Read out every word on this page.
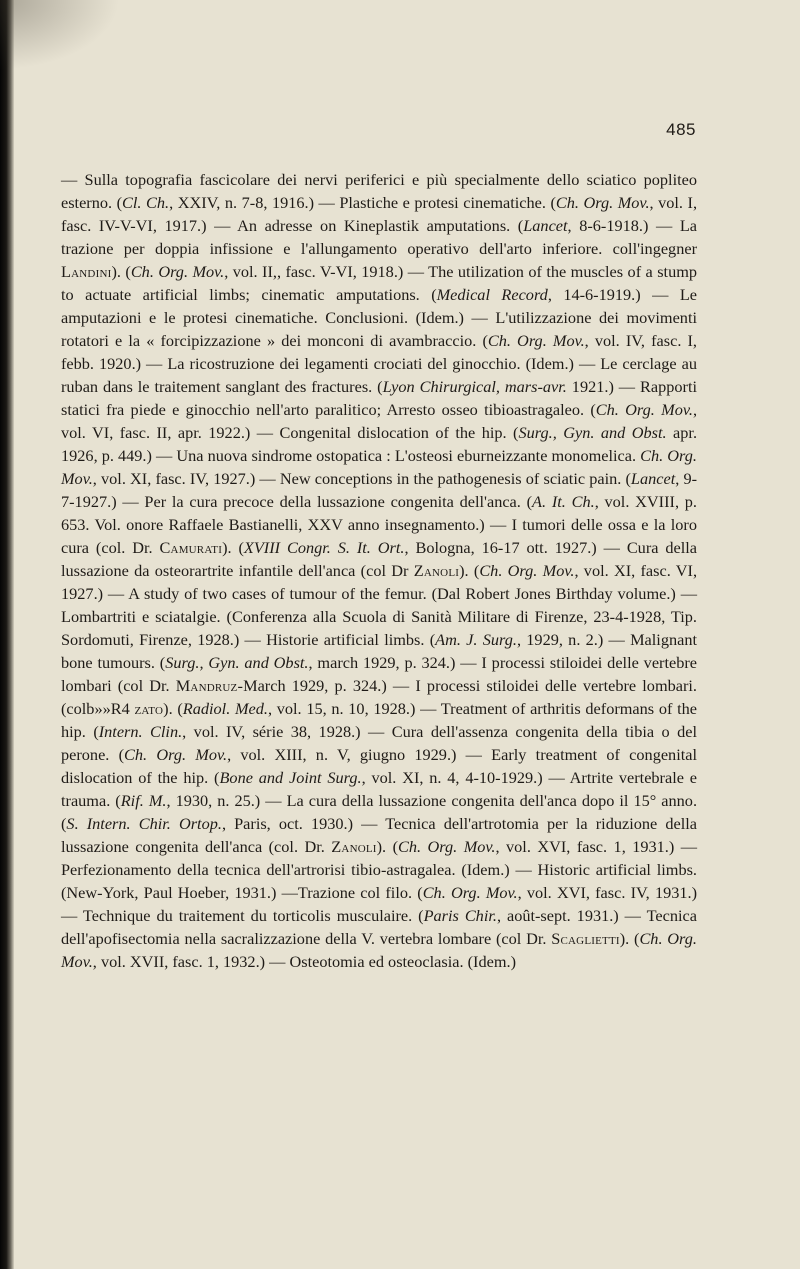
485

— Sulla topografia fascicolare dei nervi periferici e più specialmente dello sciatico popliteo esterno. (Cl. Ch., XXIV, n. 7-8, 1916.) — Plastiche e protesi cinematiche. (Ch. Org. Mov., vol. I, fasc. IV-V-VI, 1917.) — An adresse on Kineplastik amputations. (Lancet, 8-6-1918.) — La trazione per doppia infissione e l'allungamento operativo dell'arto inferiore. coll'ingegner Landini). (Ch. Org. Mov., vol. II,, fasc. V-VI, 1918.) — The utilization of the muscles of a stump to actuate artificial limbs; cinematic amputations. (Medical Record, 14-6-1919.) — Le amputazioni e le protesi cinematiche. Conclusioni. (Idem.) — L'utilizzazione dei movimenti rotatori e la « forcipizzazione » dei monconi di avambraccio. (Ch. Org. Mov., vol. IV, fasc. I, febb. 1920.) — La ricostruzione dei legamenti crociati del ginocchio. (Idem.) — Le cerclage au ruban dans le traitement sanglant des fractures. (Lyon Chirurgical, mars-avr. 1921.) — Rapporti statici fra piede e ginocchio nell'arto paralitico; Arresto osseo tibioastragaleo. (Ch. Org. Mov., vol. VI, fasc. II, apr. 1922.) — Congenital dislocation of the hip. (Surg., Gyn. and Obst. apr. 1926, p. 449.) — Una nuova sindrome ostopatica : L'osteosi eburneizzante monomelica. Ch. Org. Mov., vol. XI, fasc. IV, 1927.) — New conceptions in the pathogenesis of sciatic pain. (Lancet, 9-7-1927.) — Per la cura precoce della lussazione congenita dell'anca. (A. It. Ch., vol. XVIII, p. 653. Vol. onore Raffaele Bastianelli, XXV anno insegnamento.) — I tumori delle ossa e la loro cura (col. Dr. Camurati). (XVIII Congr. S. It. Ort., Bologna, 16-17 ott. 1927.) — Cura della lussazione da osteorartrite infantile dell'anca (col Dr Zanoli). (Ch. Org. Mov., vol. XI, fasc. VI, 1927.) — A study of two cases of tumour of the femur. (Dal Robert Jones Birthday volume.) — Lombartriti e sciatalgie. (Conferenza alla Scuola di Sanità Militare di Firenze, 23-4-1928, Tip. Sordomuti, Firenze, 1928.) — Historie artificial limbs. (Am. J. Surg., 1929, n. 2.) — Malignant bone tumours. (Surg., Gyn. and Obst., march 1929, p. 324.) — I processi stiloidei delle vertebre lombari (col Dr. Mandruz-March 1929, p. 324.) — I processi stiloidei delle vertebre lombari. (colb»»R4 zato). (Radiol. Med., vol. 15, n. 10, 1928.) — Treatment of arthritis deformans of the hip. (Intern. Clin., vol. IV, série 38, 1928.) — Cura dell'assenza congenita della tibia o del perone. (Ch. Org. Mov., vol. XIII, n. V, giugno 1929.) — Early treatment of congenital dislocation of the hip. (Bone and Joint Surg., vol. XI, n. 4, 4-10-1929.) — Artrite vertebrale e trauma. (Rif. M., 1930, n. 25.) — La cura della lussazione congenita dell'anca dopo il 15° anno. (S. Intern. Chir. Ortop., Paris, oct. 1930.) — Tecnica dell'artrotomia per la riduzione della lussazione congenita dell'anca (col. Dr. Zanoli). (Ch. Org. Mov., vol. XVI, fasc. 1, 1931.) — Perfezionamento della tecnica dell'artrorisi tibio-astragalea. (Idem.) — Historic artificial limbs. (New-York, Paul Hoeber, 1931.) —Trazione col filo. (Ch. Org. Mov., vol. XVI, fasc. IV, 1931.) — Technique du traitement du torticolis musculaire. (Paris Chir., août-sept. 1931.) — Tecnica dell'apofisectomia nella sacralizzazione della V. vertebra lombare (col Dr. Scaglietti). (Ch. Org. Mov., vol. XVII, fasc. 1, 1932.) — Osteotomia ed osteoclasia. (Idem.)
